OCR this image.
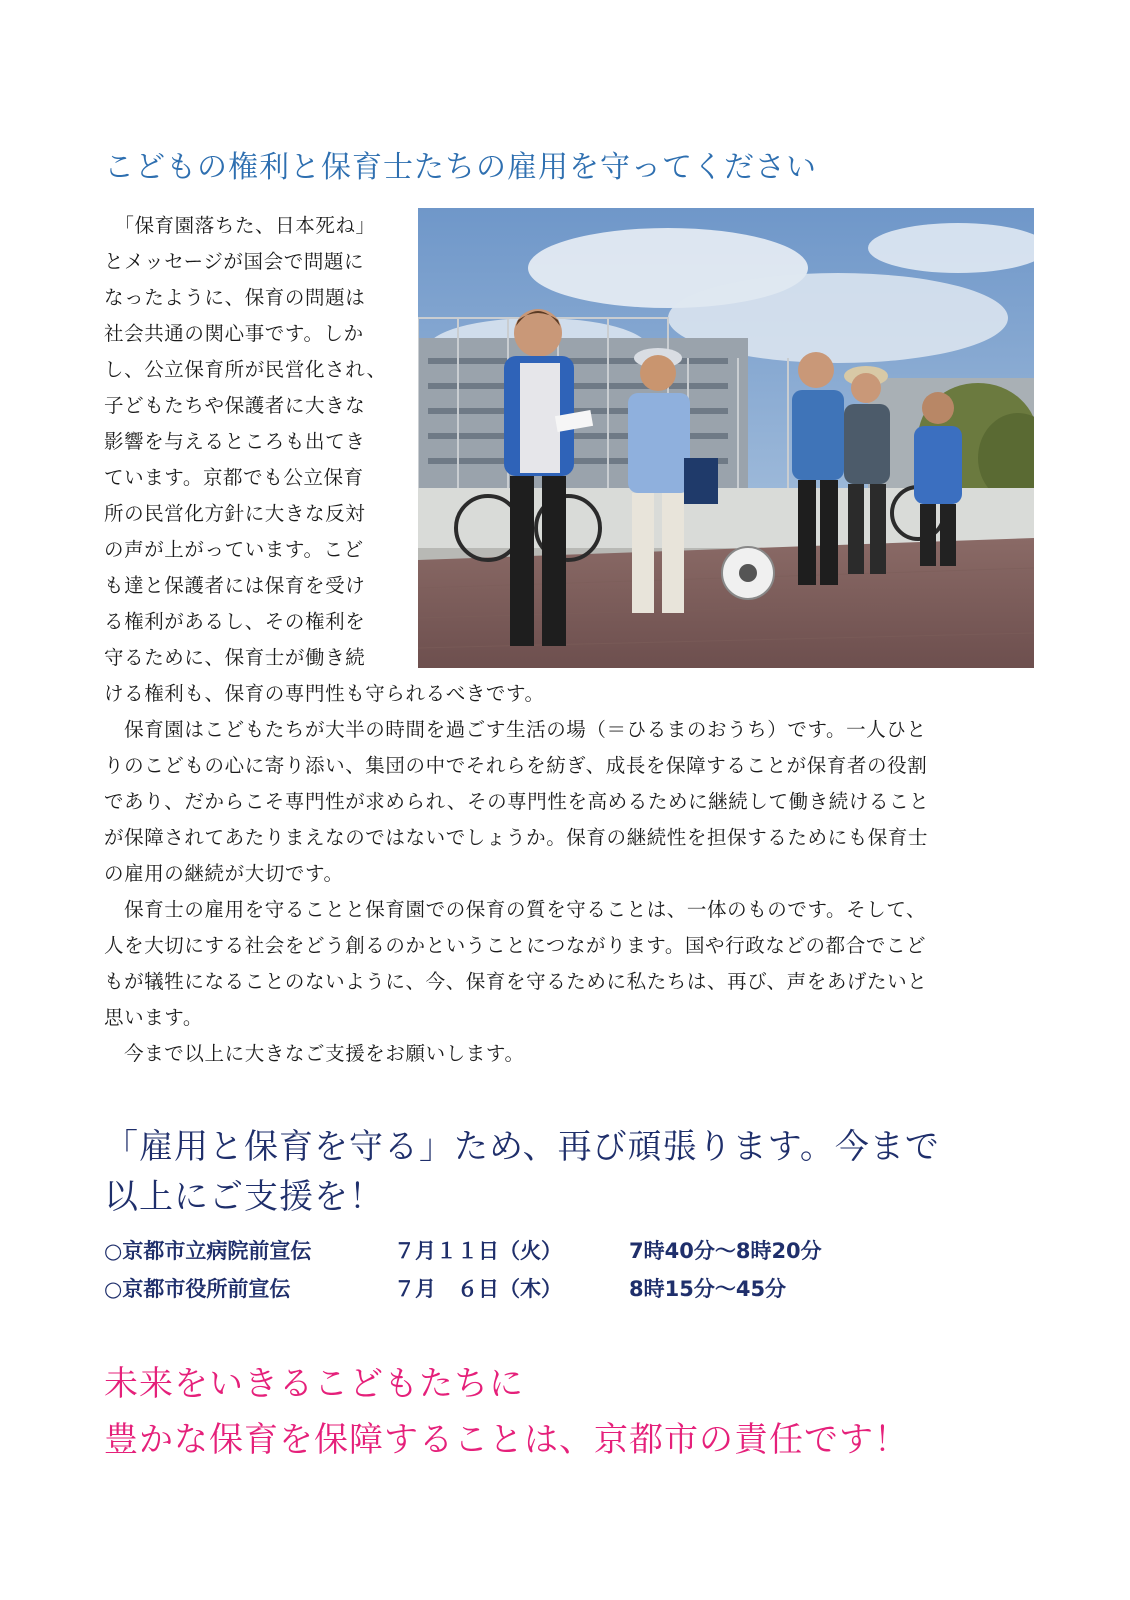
こどもの権利と保育士たちの雇用を守ってください
　「保育園落ちた、日本死ね」
とメッセージが国会で問題に
なったように、保育の問題は
社会共通の関心事です。しか
し、公立保育所が民営化され、
子どもたちや保護者に大きな
影響を与えるところも出てき
ています。京都でも公立保育
所の民営化方針に大きな反対
の声が上がっています。こど
も達と保護者には保育を受け
る権利があるし、その権利を
守るために、保育士が働き続
ける権利も、保育の専門性も守られるべきです。
　保育園はこどもたちが大半の時間を過ごす生活の場（＝ひるまのおうち）です。一人ひと
りのこどもの心に寄り添い、集団の中でそれらを紡ぎ、成長を保障することが保育者の役割
であり、だからこそ専門性が求められ、その専門性を高めるために継続して働き続けること
が保障されてあたりまえなのではないでしょうか。保育の継続性を担保するためにも保育士
の雇用の継続が大切です。
　保育士の雇用を守ることと保育園での保育の質を守ることは、一体のものです。そして、
人を大切にする社会をどう創るのかということにつながります。国や行政などの都合でこど
もが犠牲になることのないように、今、保育を守るために私たちは、再び、声をあげたいと
思います。
　今まで以上に大きなご支援をお願いします。
「雇用と保育を守る」ため、再び頑張ります。今まで
以上にご支援を！
○京都市立病院前宣伝	７月１１日（火）	7時40分～8時20分
○京都市役所前宣伝	７月　６日（木）	8時15分～45分
未来をいきるこどもたちに
豊かな保育を保障することは、京都市の責任です！
